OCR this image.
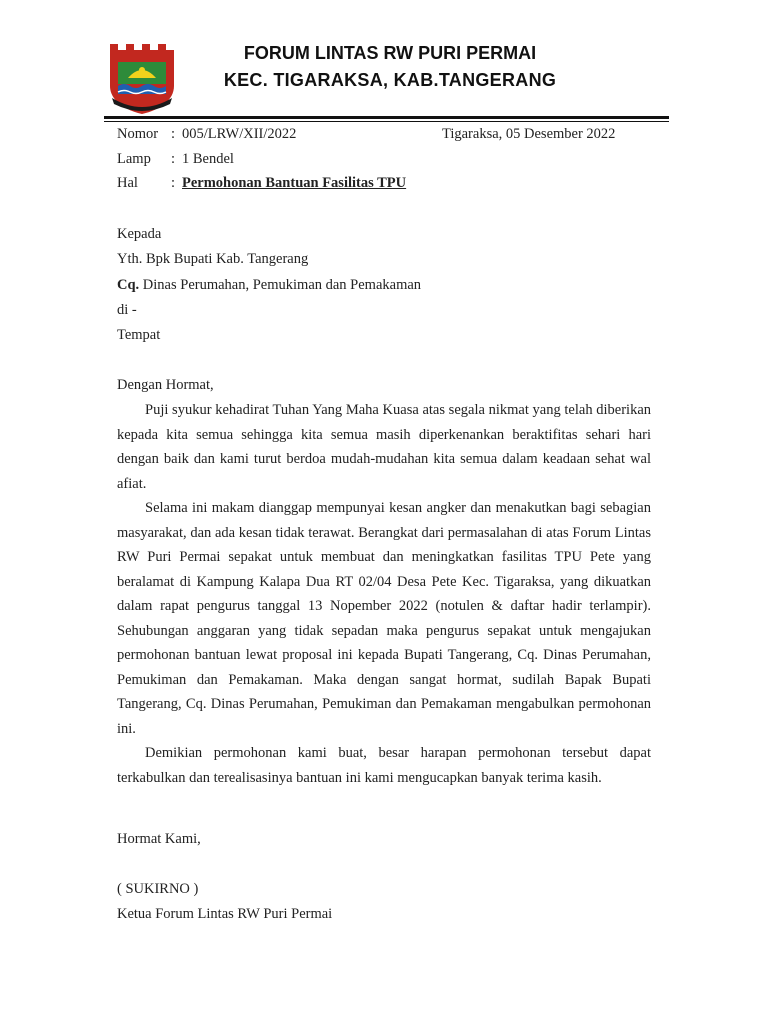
FORUM LINTAS RW PURI PERMAI
KEC. TIGARAKSA, KAB.TANGERANG
Nomor : 005/LRW/XII/2022	Tigaraksa, 05 Desember 2022
Lamp : 1 Bendel
Hal : Permohonan Bantuan Fasilitas TPU
Kepada
Yth. Bpk Bupati Kab. Tangerang
Cq. Dinas Perumahan, Pemukiman dan Pemakaman
di -
Tempat
Dengan Hormat,

Puji syukur kehadirat Tuhan Yang Maha Kuasa atas segala nikmat yang telah diberikan kepada kita semua sehingga kita semua masih diperkenankan beraktifitas sehari hari dengan baik dan kami turut berdoa mudah-mudahan kita semua dalam keadaan sehat wal afiat.

Selama ini makam dianggap mempunyai kesan angker dan menakutkan bagi sebagian masyarakat, dan ada kesan tidak terawat. Berangkat dari permasalahan di atas Forum Lintas RW Puri Permai sepakat untuk membuat dan meningkatkan fasilitas TPU Pete yang beralamat di Kampung Kalapa Dua RT 02/04 Desa Pete Kec. Tigaraksa, yang dikuatkan dalam rapat pengurus tanggal 13 Nopember 2022 (notulen & daftar hadir terlampir). Sehubungan anggaran yang tidak sepadan maka pengurus sepakat untuk mengajukan permohonan bantuan lewat proposal ini kepada Bupati Tangerang, Cq. Dinas Perumahan, Pemukiman dan Pemakaman. Maka dengan sangat hormat, sudilah Bapak Bupati Tangerang, Cq. Dinas Perumahan, Pemukiman dan Pemakaman mengabulkan permohonan ini.

Demikian permohonan kami buat, besar harapan permohonan tersebut dapat terkabulkan dan terealisasinya bantuan ini kami mengucapkan banyak terima kasih.

Hormat Kami,
( SUKIRNO )
Ketua Forum Lintas RW Puri Permai
